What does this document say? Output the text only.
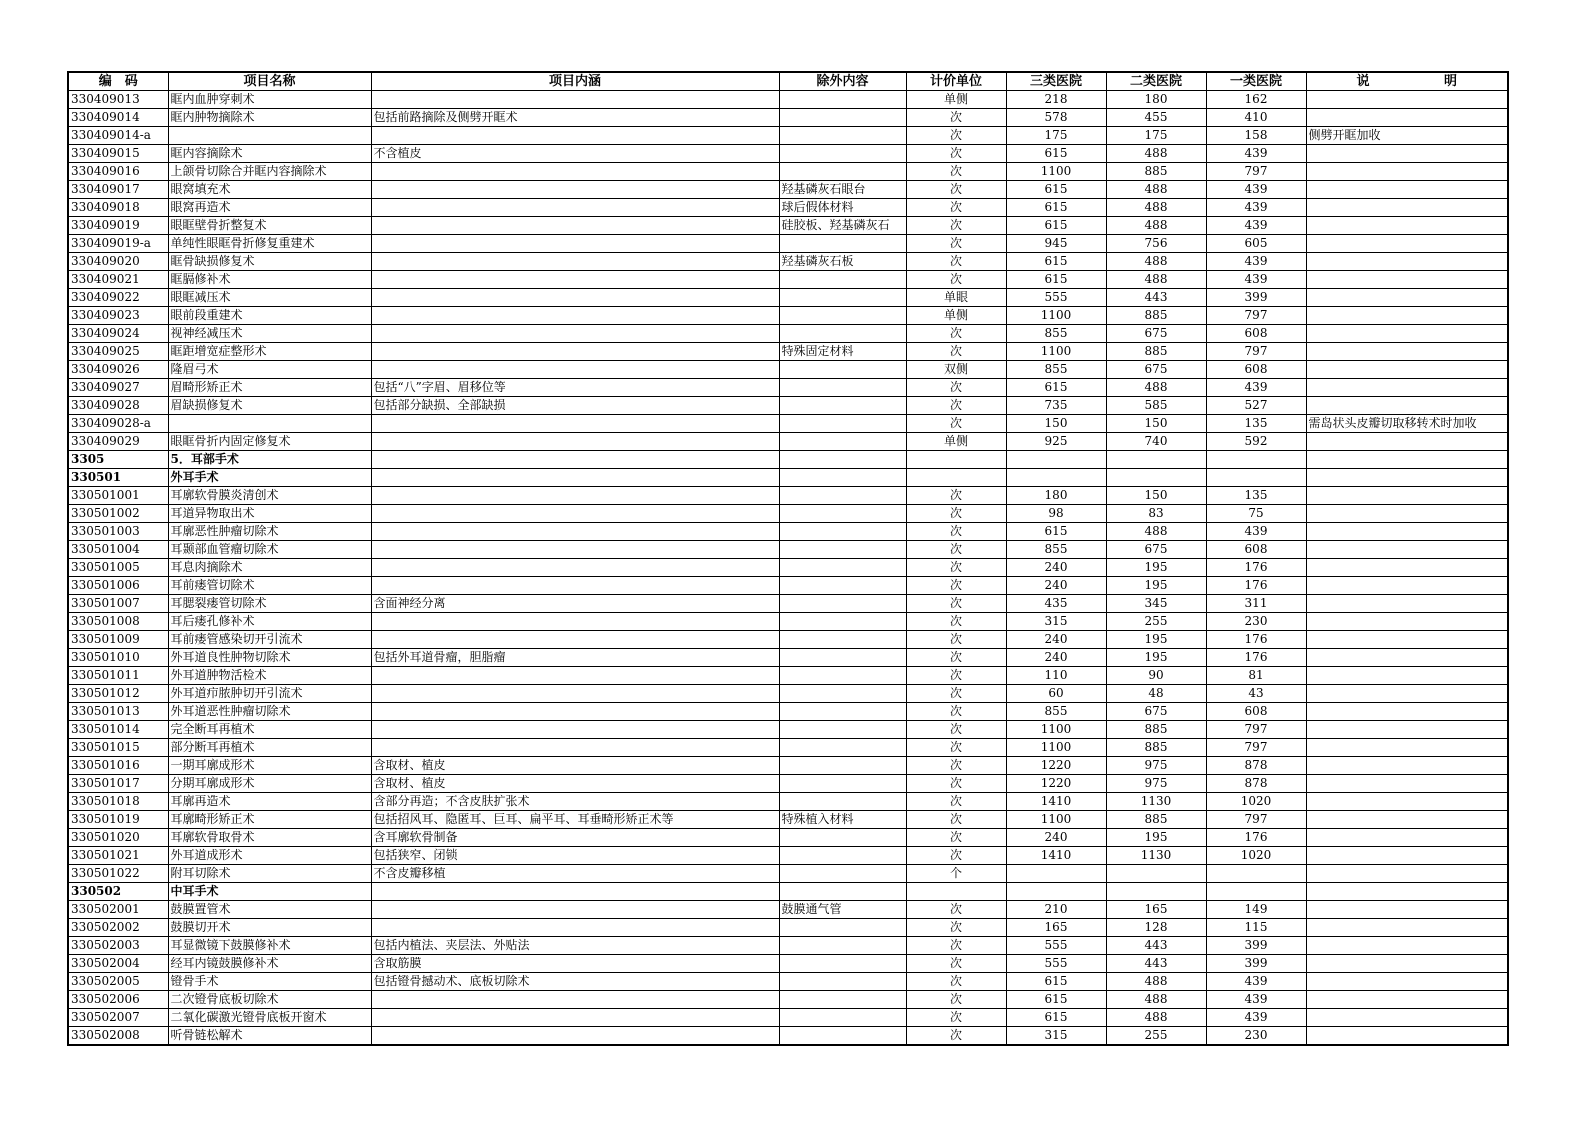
编　码	项目名称	项目内涵	除外内容	计价单位	三类医院	二类医院	一类医院	说 明

330409013	眶内血肿穿刺术			单侧	218	180	162	
330409014	眶内肿物摘除术	包括前路摘除及侧劈开眶术		次	578	455	410	
330409014-a				次	175	175	158	侧劈开眶加收
330409015	眶内容摘除术	不含植皮		次	615	488	439	
330409016	上颌骨切除合并眶内容摘除术			次	1100	885	797	
330409017	眼窝填充术		羟基磷灰石眼台	次	615	488	439	
330409018	眼窝再造术		球后假体材料	次	615	488	439	
330409019	眼眶壁骨折整复术		硅胶板、羟基磷灰石	次	615	488	439	
330409019-a	单纯性眼眶骨折修复重建术			次	945	756	605	
330409020	眶骨缺损修复术		羟基磷灰石板	次	615	488	439	
330409021	眶膈修补术			次	615	488	439	
330409022	眼眶减压术			单眼	555	443	399	
330409023	眼前段重建术			单侧	1100	885	797	
330409024	视神经减压术			次	855	675	608	
330409025	眶距增宽症整形术		特殊固定材料	次	1100	885	797	
330409026	隆眉弓术			双侧	855	675	608	
330409027	眉畸形矫正术	包括“八”字眉、眉移位等		次	615	488	439	
330409028	眉缺损修复术	包括部分缺损、全部缺损		次	735	585	527	
330409028-a				次	150	150	135	需岛状头皮瓣切取移转术时加收
330409029	眼眶骨折内固定修复术			单侧	925	740	592	
3305	5．耳部手术							
330501	外耳手术							
330501001	耳廓软骨膜炎清创术			次	180	150	135	
330501002	耳道异物取出术			次	98	83	75	
330501003	耳廓恶性肿瘤切除术			次	615	488	439	
330501004	耳颞部血管瘤切除术			次	855	675	608	
330501005	耳息肉摘除术			次	240	195	176	
330501006	耳前瘘管切除术			次	240	195	176	
330501007	耳腮裂瘘管切除术	含面神经分离		次	435	345	311	
330501008	耳后瘘孔修补术			次	315	255	230	
330501009	耳前瘘管感染切开引流术			次	240	195	176	
330501010	外耳道良性肿物切除术	包括外耳道骨瘤，胆脂瘤		次	240	195	176	
330501011	外耳道肿物活检术			次	110	90	81	
330501012	外耳道疖脓肿切开引流术			次	60	48	43	
330501013	外耳道恶性肿瘤切除术			次	855	675	608	
330501014	完全断耳再植术			次	1100	885	797	
330501015	部分断耳再植术			次	1100	885	797	
330501016	一期耳廓成形术	含取材、植皮		次	1220	975	878	
330501017	分期耳廓成形术	含取材、植皮		次	1220	975	878	
330501018	耳廓再造术	含部分再造；不含皮肤扩张术		次	1410	1130	1020	
330501019	耳廓畸形矫正术	包括招风耳、隐匿耳、巨耳、扁平耳、耳垂畸形矫正术等	特殊植入材料	次	1100	885	797	
330501020	耳廓软骨取骨术	含耳廓软骨制备		次	240	195	176	
330501021	外耳道成形术	包括狭窄、闭锁		次	1410	1130	1020	
330501022	附耳切除术	不含皮瓣移植		个				
330502	中耳手术							
330502001	鼓膜置管术		鼓膜通气管	次	210	165	149	
330502002	鼓膜切开术			次	165	128	115	
330502003	耳显微镜下鼓膜修补术	包括内植法、夹层法、外贴法		次	555	443	399	
330502004	经耳内镜鼓膜修补术	含取筋膜		次	555	443	399	
330502005	镫骨手术	包括镫骨撼动术、底板切除术		次	615	488	439	
330502006	二次镫骨底板切除术			次	615	488	439	
330502007	二氧化碳激光镫骨底板开窗术			次	615	488	439	
330502008	听骨链松解术			次	315	255	230	
